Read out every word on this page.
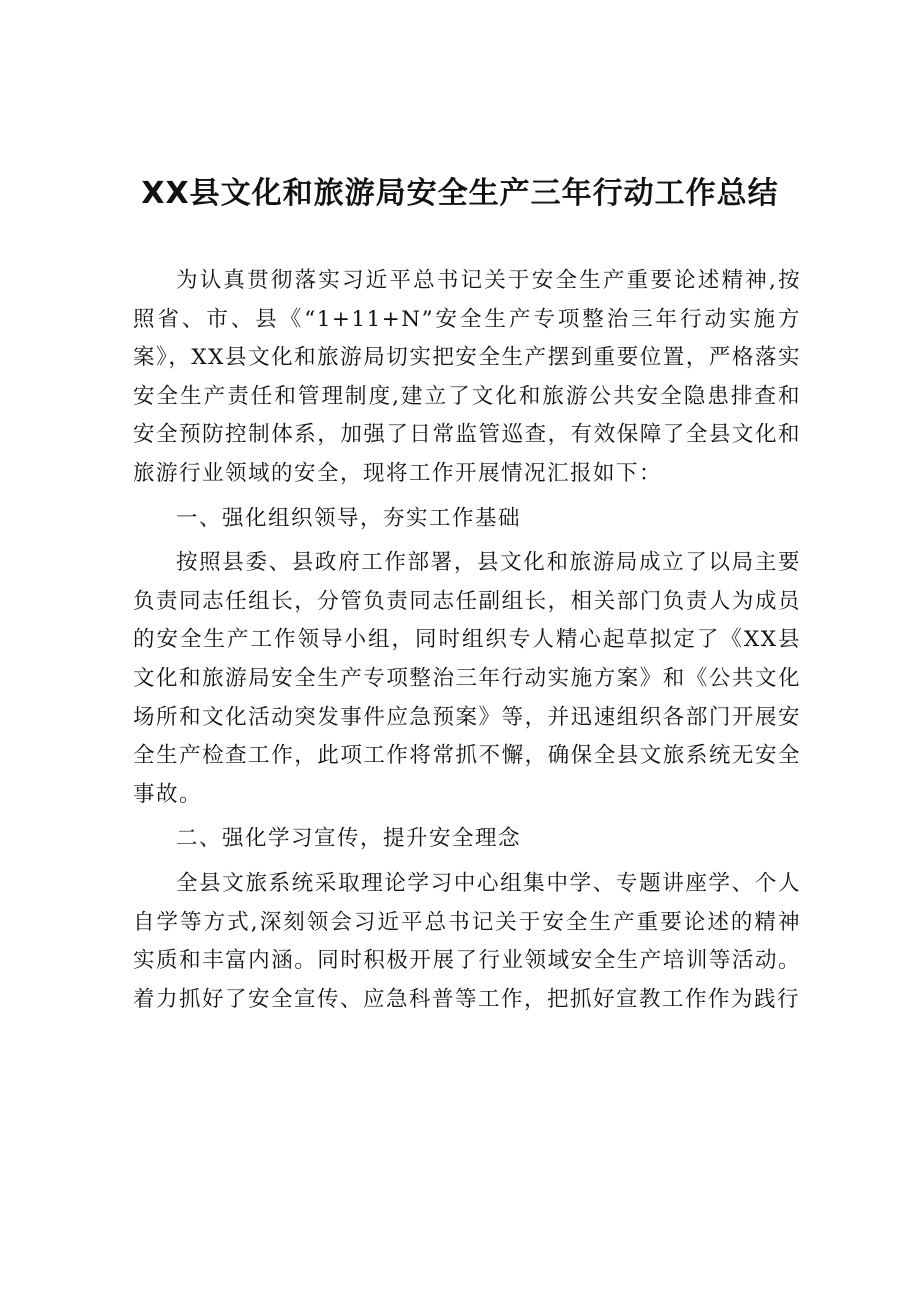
XX县文化和旅游局安全生产三年行动工作总结

为认真贯彻落实习近平总书记关于安全生产重要论述精神,按照省、市、县《“1+11+N”安全生产专项整治三年行动实施方案》，XX县文化和旅游局切实把安全生产摆到重要位置，严格落实安全生产责任和管理制度,建立了文化和旅游公共安全隐患排查和安全预防控制体系，加强了日常监管巡查，有效保障了全县文化和旅游行业领域的安全，现将工作开展情况汇报如下：

一、强化组织领导，夯实工作基础

按照县委、县政府工作部署，县文化和旅游局成立了以局主要负责同志任组长，分管负责同志任副组长，相关部门负责人为成员的安全生产工作领导小组，同时组织专人精心起草拟定了《XX县文化和旅游局安全生产专项整治三年行动实施方案》和《公共文化场所和文化活动突发事件应急预案》等，并迅速组织各部门开展安全生产检查工作，此项工作将常抓不懈，确保全县文旅系统无安全事故。

二、强化学习宣传，提升安全理念

全县文旅系统采取理论学习中心组集中学、专题讲座学、个人自学等方式,深刻领会习近平总书记关于安全生产重要论述的精神实质和丰富内涵。同时积极开展了行业领域安全生产培训等活动。着力抓好了安全宣传、应急科普等工作，把抓好宣教工作作为践行
